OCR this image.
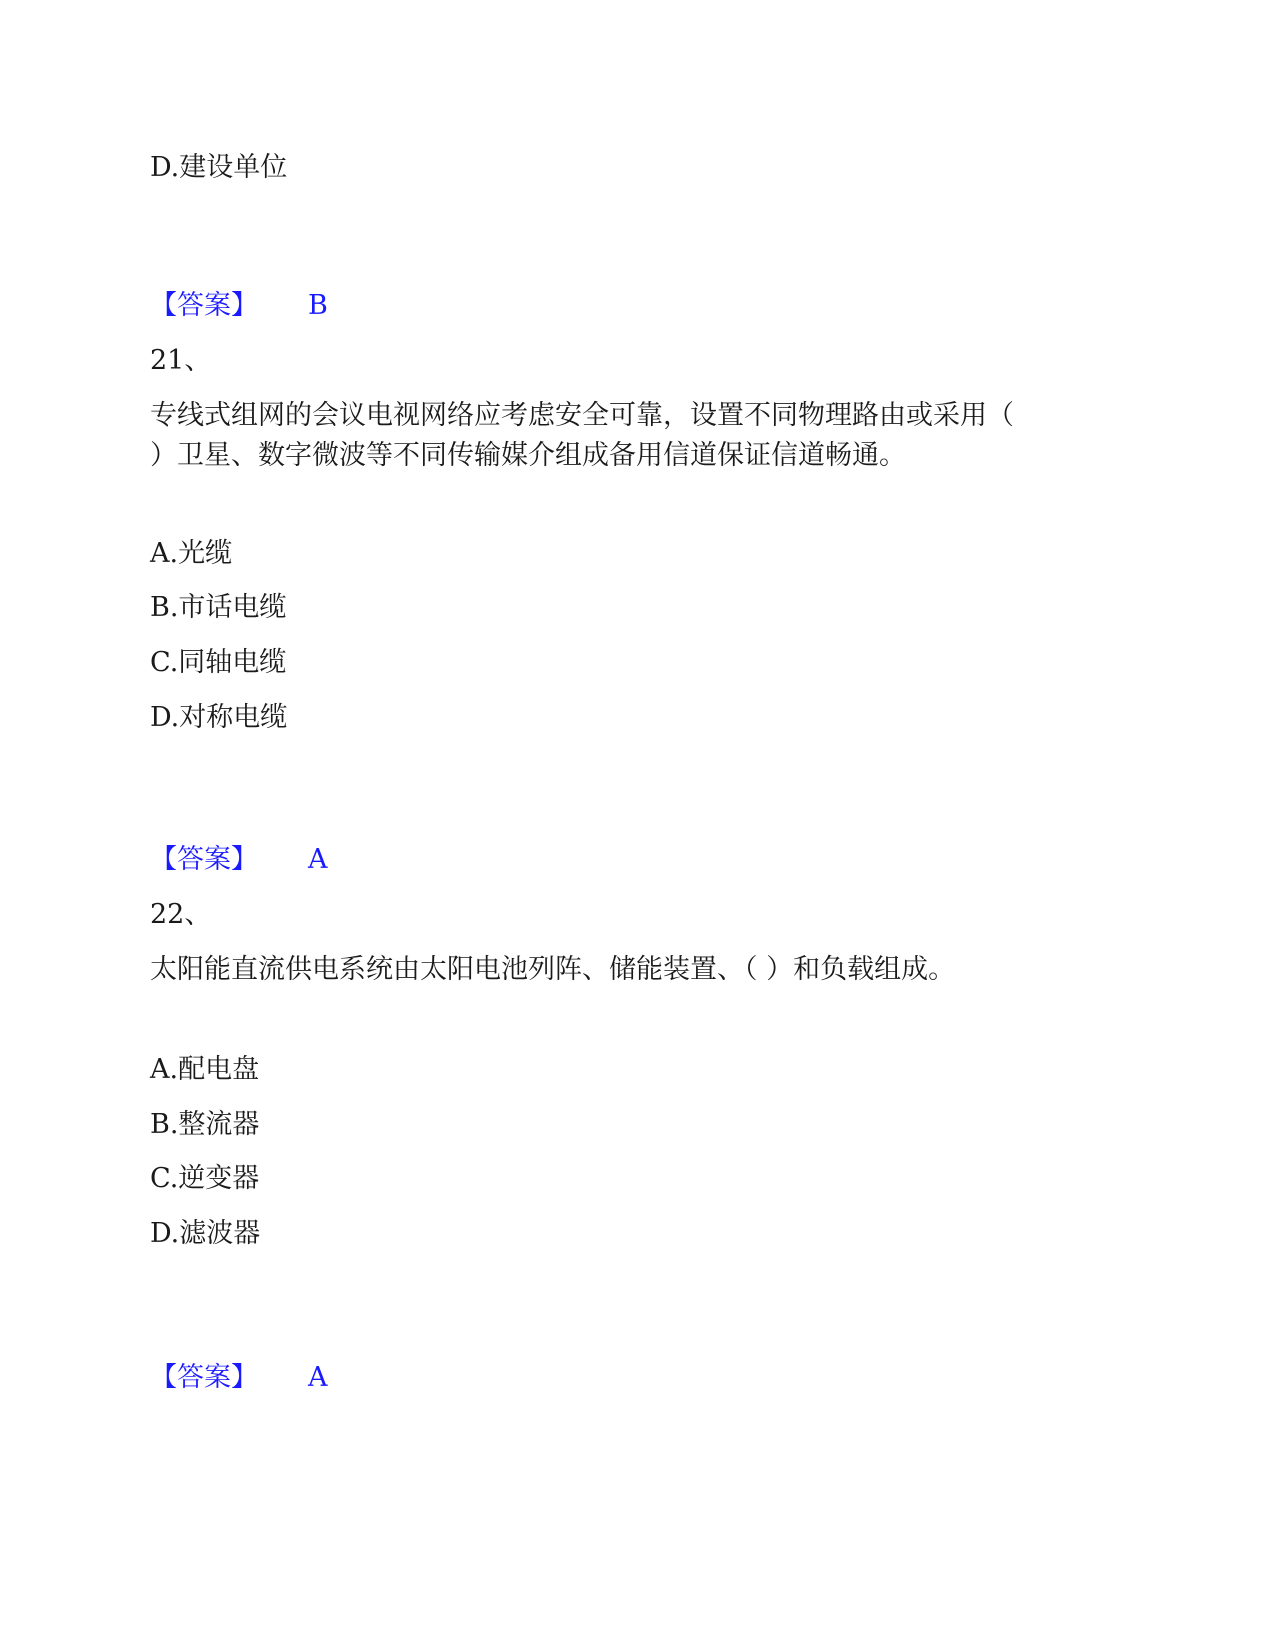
D.建设单位
【答案】 B
21、
专线式组网的会议电视网络应考虑安全可靠，设置不同物理路由或采用（
）卫星、数字微波等不同传输媒介组成备用信道保证信道畅通。
A.光缆
B.市话电缆
C.同轴电缆
D.对称电缆
【答案】 A
22、
太阳能直流供电系统由太阳电池列阵、储能装置、（ ）和负载组成。
A.配电盘
B.整流器
C.逆变器
D.滤波器
【答案】 A
